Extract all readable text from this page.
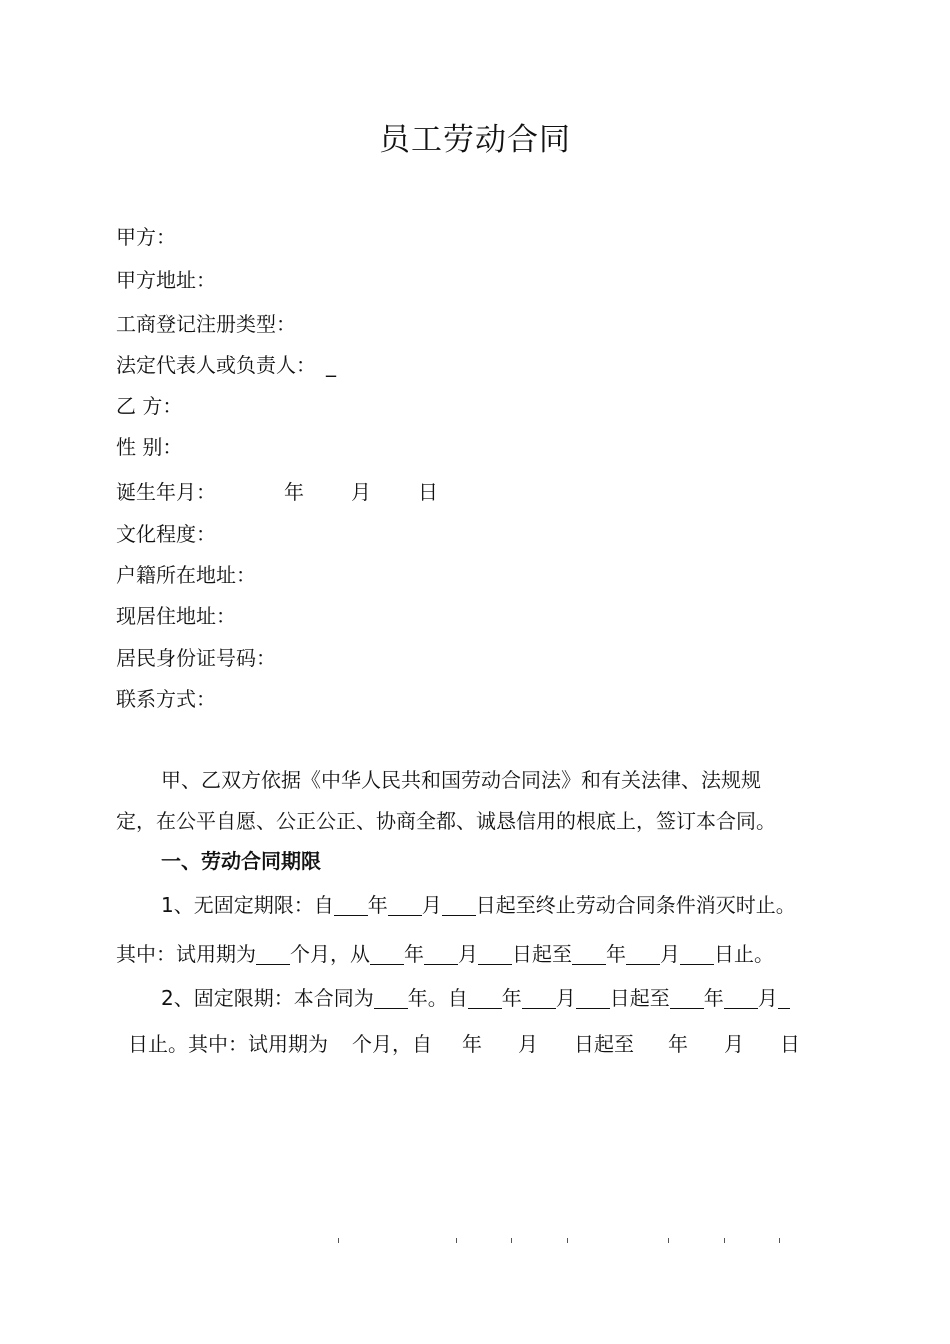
员工劳动合同
甲方：
甲方地址：
工商登记注册类型：
法定代表人或负责人： _
乙 方：
性 别：
诞生年月：	年 月 日
文化程度：
户籍所在地址：
现居住地址：
居民身份证号码：
联系方式：
甲、乙双方依据《中华人民共和国劳动合同法》和有关法律、法规规
定，在公平自愿、公正公正、协商全都、诚恳信用的根底上，签订本合同。
一、劳动合同期限
1、无固定期限：自 年 月 日起至终止劳动合同条件消灭时止。
其中：试用期为 个月，从 年 月 日起至 年 月 日止。
2、固定限期：本合同为 年。自 年 月 日起至 年 月
日止。其中：试用期为 个月，自 年 月 日起至 年 月 日
